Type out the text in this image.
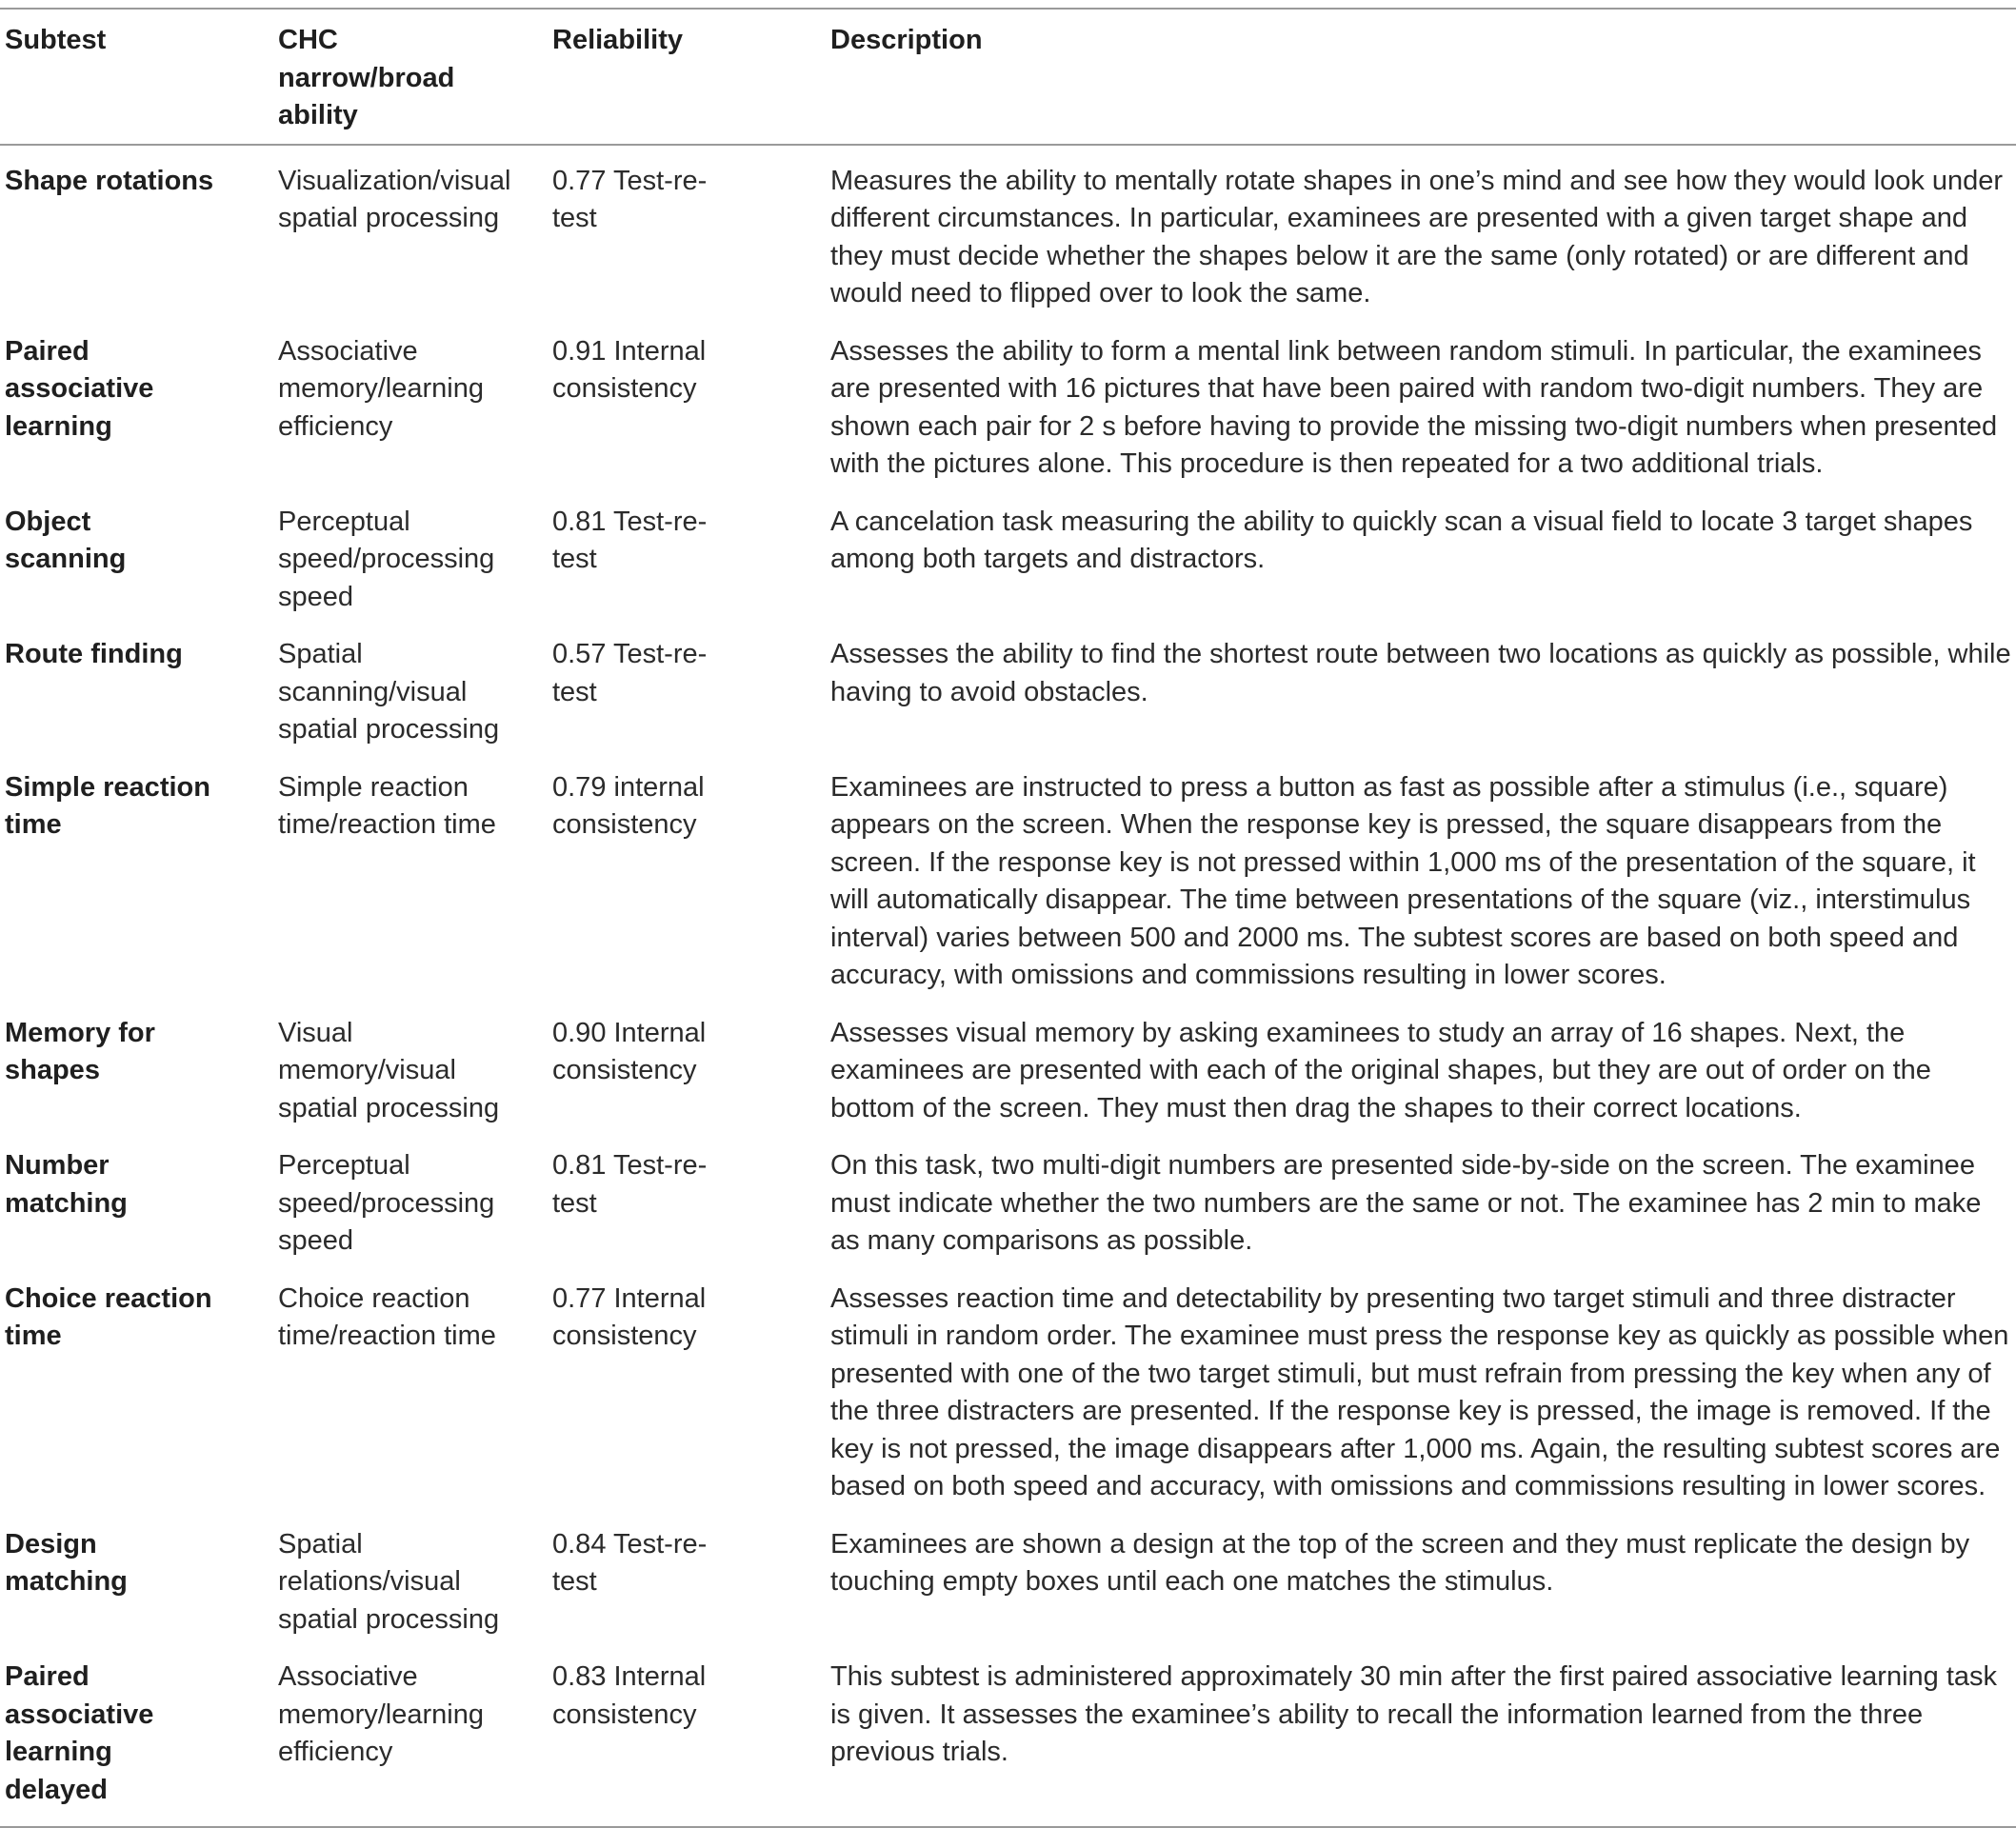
Subtest	CHC narrow/broad ability	Reliability	Description

Shape rotations	Visualization/visual spatial processing	0.77 Test-re-test	Measures the ability to mentally rotate shapes in one’s mind and see how they would look under different circumstances. In particular, examinees are presented with a given target shape and they must decide whether the shapes below it are the same (only rotated) or are different and would need to flipped over to look the same.

Paired associative learning	Associative memory/learning efficiency	0.91 Internal consistency	Assesses the ability to form a mental link between random stimuli. In particular, the examinees are presented with 16 pictures that have been paired with random two-digit numbers. They are shown each pair for 2 s before having to provide the missing two-digit numbers when presented with the pictures alone. This procedure is then repeated for a two additional trials.

Object scanning	Perceptual speed/processing speed	0.81 Test-re-test	A cancelation task measuring the ability to quickly scan a visual field to locate 3 target shapes among both targets and distractors.

Route finding	Spatial scanning/visual spatial processing	0.57 Test-re-test	Assesses the ability to find the shortest route between two locations as quickly as possible, while having to avoid obstacles.

Simple reaction time	Simple reaction time/reaction time	0.79 internal consistency	Examinees are instructed to press a button as fast as possible after a stimulus (i.e., square) appears on the screen. When the response key is pressed, the square disappears from the screen. If the response key is not pressed within 1,000 ms of the presentation of the square, it will automatically disappear. The time between presentations of the square (viz., interstimulus interval) varies between 500 and 2000 ms. The subtest scores are based on both speed and accuracy, with omissions and commissions resulting in lower scores.

Memory for shapes	Visual memory/visual spatial processing	0.90 Internal consistency	Assesses visual memory by asking examinees to study an array of 16 shapes. Next, the examinees are presented with each of the original shapes, but they are out of order on the bottom of the screen. They must then drag the shapes to their correct locations.

Number matching	Perceptual speed/processing speed	0.81 Test-re-test	On this task, two multi-digit numbers are presented side-by-side on the screen. The examinee must indicate whether the two numbers are the same or not. The examinee has 2 min to make as many comparisons as possible.

Choice reaction time	Choice reaction time/reaction time	0.77 Internal consistency	Assesses reaction time and detectability by presenting two target stimuli and three distracter stimuli in random order. The examinee must press the response key as quickly as possible when presented with one of the two target stimuli, but must refrain from pressing the key when any of the three distracters are presented. If the response key is pressed, the image is removed. If the key is not pressed, the image disappears after 1,000 ms. Again, the resulting subtest scores are based on both speed and accuracy, with omissions and commissions resulting in lower scores.

Design matching	Spatial relations/visual spatial processing	0.84 Test-re-test	Examinees are shown a design at the top of the screen and they must replicate the design by touching empty boxes until each one matches the stimulus.

Paired associative learning delayed	Associative memory/learning efficiency	0.83 Internal consistency	This subtest is administered approximately 30 min after the first paired associative learning task is given. It assesses the examinee’s ability to recall the information learned from the three previous trials.
